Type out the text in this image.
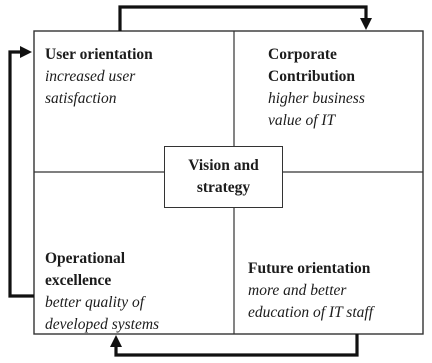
User orientation
increased user satisfaction
Corporate Contribution
higher business value of IT
Operational excellence
better quality of developed systems
Future orientation
more and better education of IT staff
Vision and strategy
